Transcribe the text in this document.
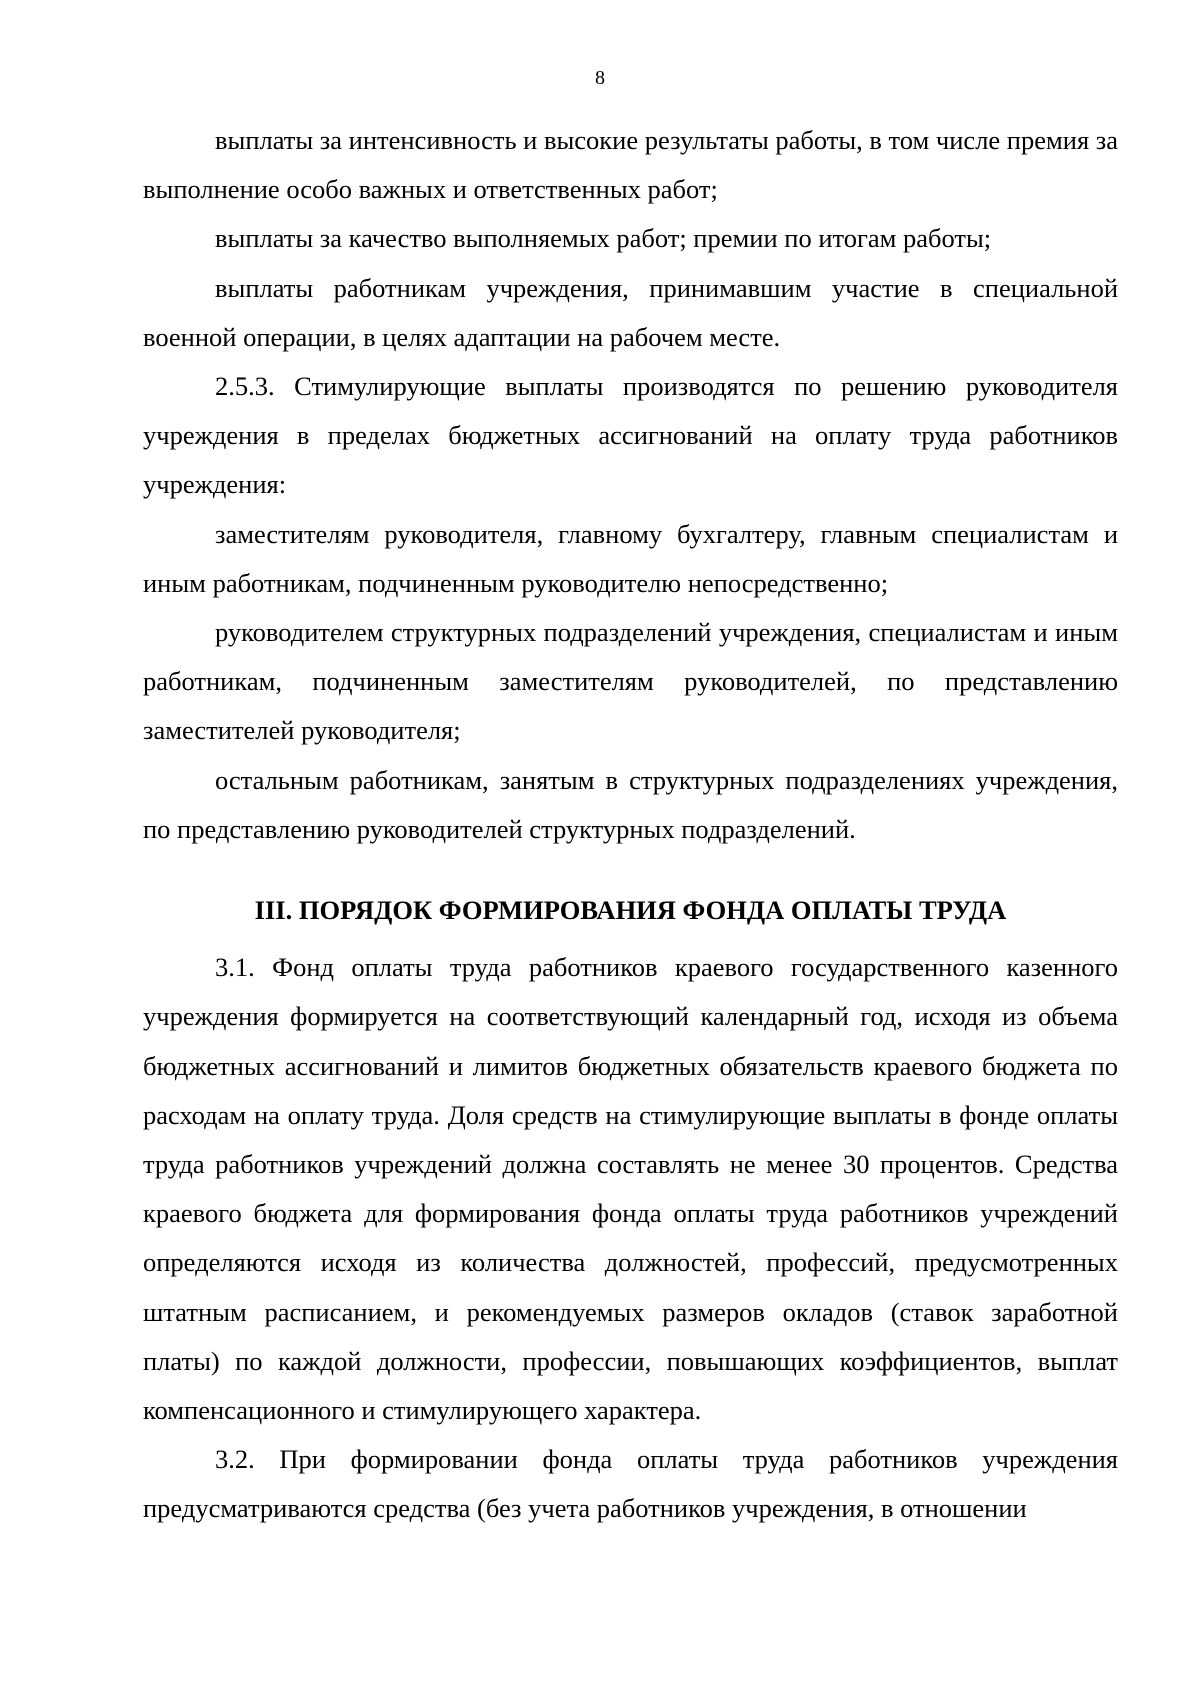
8

выплаты за интенсивность и высокие результаты работы, в том числе премия за выполнение особо важных и ответственных работ;

выплаты за качество выполняемых работ; премии по итогам работы;

выплаты работникам учреждения, принимавшим участие в специальной военной операции, в целях адаптации на рабочем месте.

2.5.3. Стимулирующие выплаты производятся по решению руководителя учреждения в пределах бюджетных ассигнований на оплату труда работников учреждения:

заместителям руководителя, главному бухгалтеру, главным специалистам и иным работникам, подчиненным руководителю непосредственно;

руководителем структурных подразделений учреждения, специалистам и иным работникам, подчиненным заместителям руководителей, по представлению заместителей руководителя;

остальным работникам, занятым в структурных подразделениях учреждения, по представлению руководителей структурных подразделений.

III. ПОРЯДОК ФОРМИРОВАНИЯ ФОНДА ОПЛАТЫ ТРУДА

3.1. Фонд оплаты труда работников краевого государственного казенного учреждения формируется на соответствующий календарный год, исходя из объема бюджетных ассигнований и лимитов бюджетных обязательств краевого бюджета по расходам на оплату труда. Доля средств на стимулирующие выплаты в фонде оплаты труда работников учреждений должна составлять не менее 30 процентов. Средства краевого бюджета для формирования фонда оплаты труда работников учреждений определяются исходя из количества должностей, профессий, предусмотренных штатным расписанием, и рекомендуемых размеров окладов (ставок заработной платы) по каждой должности, профессии, повышающих коэффициентов, выплат компенсационного и стимулирующего характера.

3.2. При формировании фонда оплаты труда работников учреждения предусматриваются средства (без учета работников учреждения, в отношении
